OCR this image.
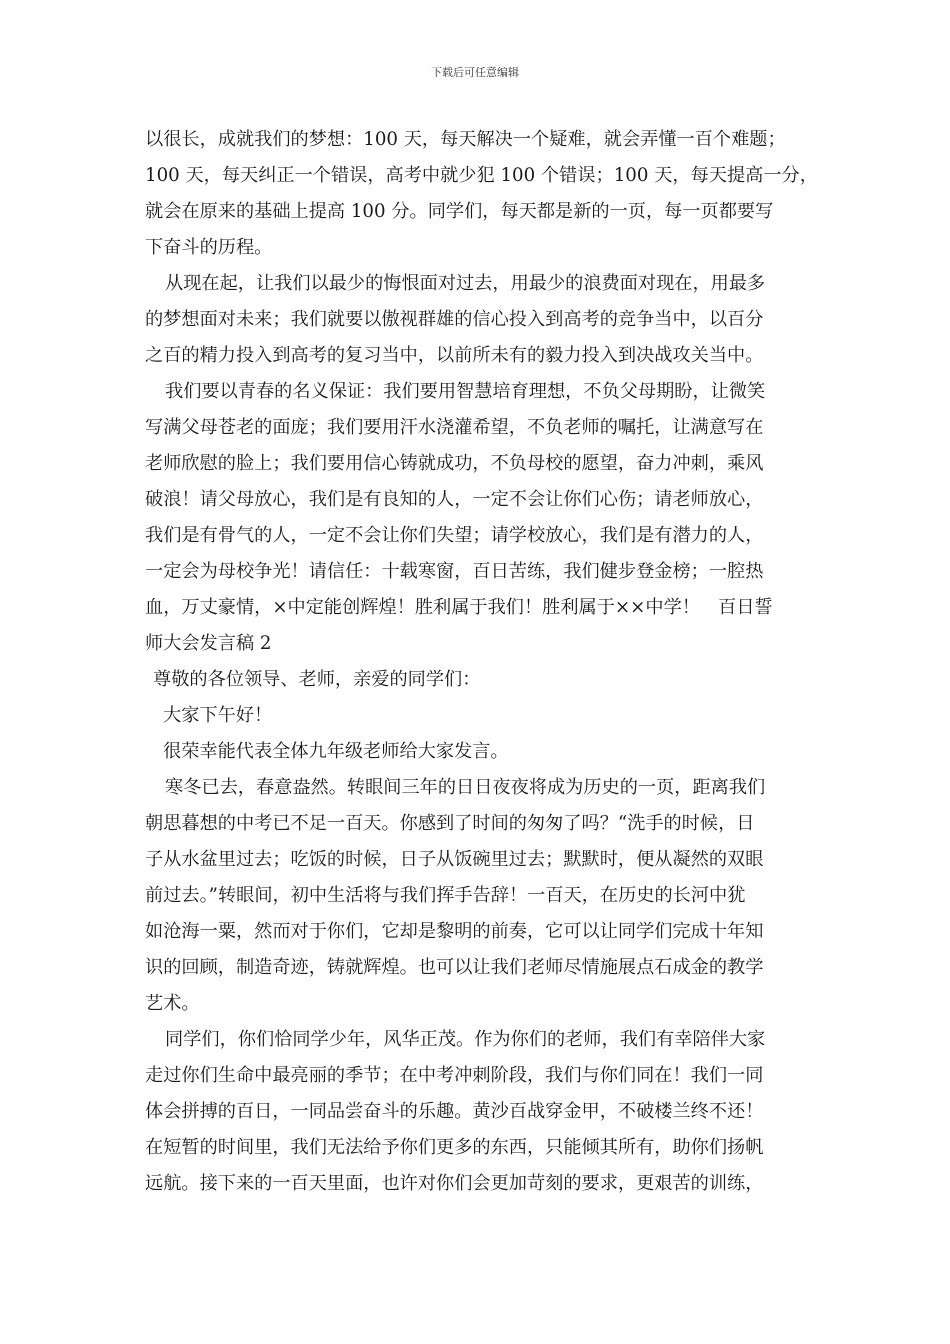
下载后可任意编辑
以很长，成就我们的梦想：100 天，每天解决一个疑难，就会弄懂一百个难题；
100 天，每天纠正一个错误，高考中就少犯 100 个错误；100 天，每天提高一分，
就会在原来的基础上提高 100 分。同学们，每天都是新的一页，每一页都要写
下奋斗的历程。
从现在起，让我们以最少的悔恨面对过去，用最少的浪费面对现在，用最多
的梦想面对未来；我们就要以傲视群雄的信心投入到高考的竞争当中，以百分
之百的精力投入到高考的复习当中，以前所未有的毅力投入到决战攻关当中。
我们要以青春的名义保证：我们要用智慧培育理想，不负父母期盼，让微笑
写满父母苍老的面庞；我们要用汗水浇灌希望，不负老师的嘱托，让满意写在
老师欣慰的脸上；我们要用信心铸就成功，不负母校的愿望，奋力冲刺，乘风
破浪！请父母放心，我们是有良知的人，一定不会让你们心伤；请老师放心，
我们是有骨气的人，一定不会让你们失望；请学校放心，我们是有潜力的人，
一定会为母校争光！请信任：十载寒窗，百日苦练，我们健步登金榜；一腔热
血，万丈豪情，×中定能创辉煌！胜利属于我们！胜利属于××中学！　百日誓
师大会发言稿 2
尊敬的各位领导、老师，亲爱的同学们：
大家下午好！
很荣幸能代表全体九年级老师给大家发言。
寒冬已去，春意盎然。转眼间三年的日日夜夜将成为历史的一页，距离我们
朝思暮想的中考已不足一百天。你感到了时间的匆匆了吗？“洗手的时候，日
子从水盆里过去；吃饭的时候，日子从饭碗里过去；默默时，便从凝然的双眼
前过去。”转眼间，初中生活将与我们挥手告辞！一百天，在历史的长河中犹
如沧海一粟，然而对于你们，它却是黎明的前奏，它可以让同学们完成十年知
识的回顾，制造奇迹，铸就辉煌。也可以让我们老师尽情施展点石成金的教学
艺术。
同学们，你们恰同学少年，风华正茂。作为你们的老师，我们有幸陪伴大家
走过你们生命中最亮丽的季节；在中考冲刺阶段，我们与你们同在！我们一同
体会拼搏的百日，一同品尝奋斗的乐趣。黄沙百战穿金甲，不破楼兰终不还！
在短暂的时间里，我们无法给予你们更多的东西，只能倾其所有，助你们扬帆
远航。接下来的一百天里面，也许对你们会更加苛刻的要求，更艰苦的训练，
